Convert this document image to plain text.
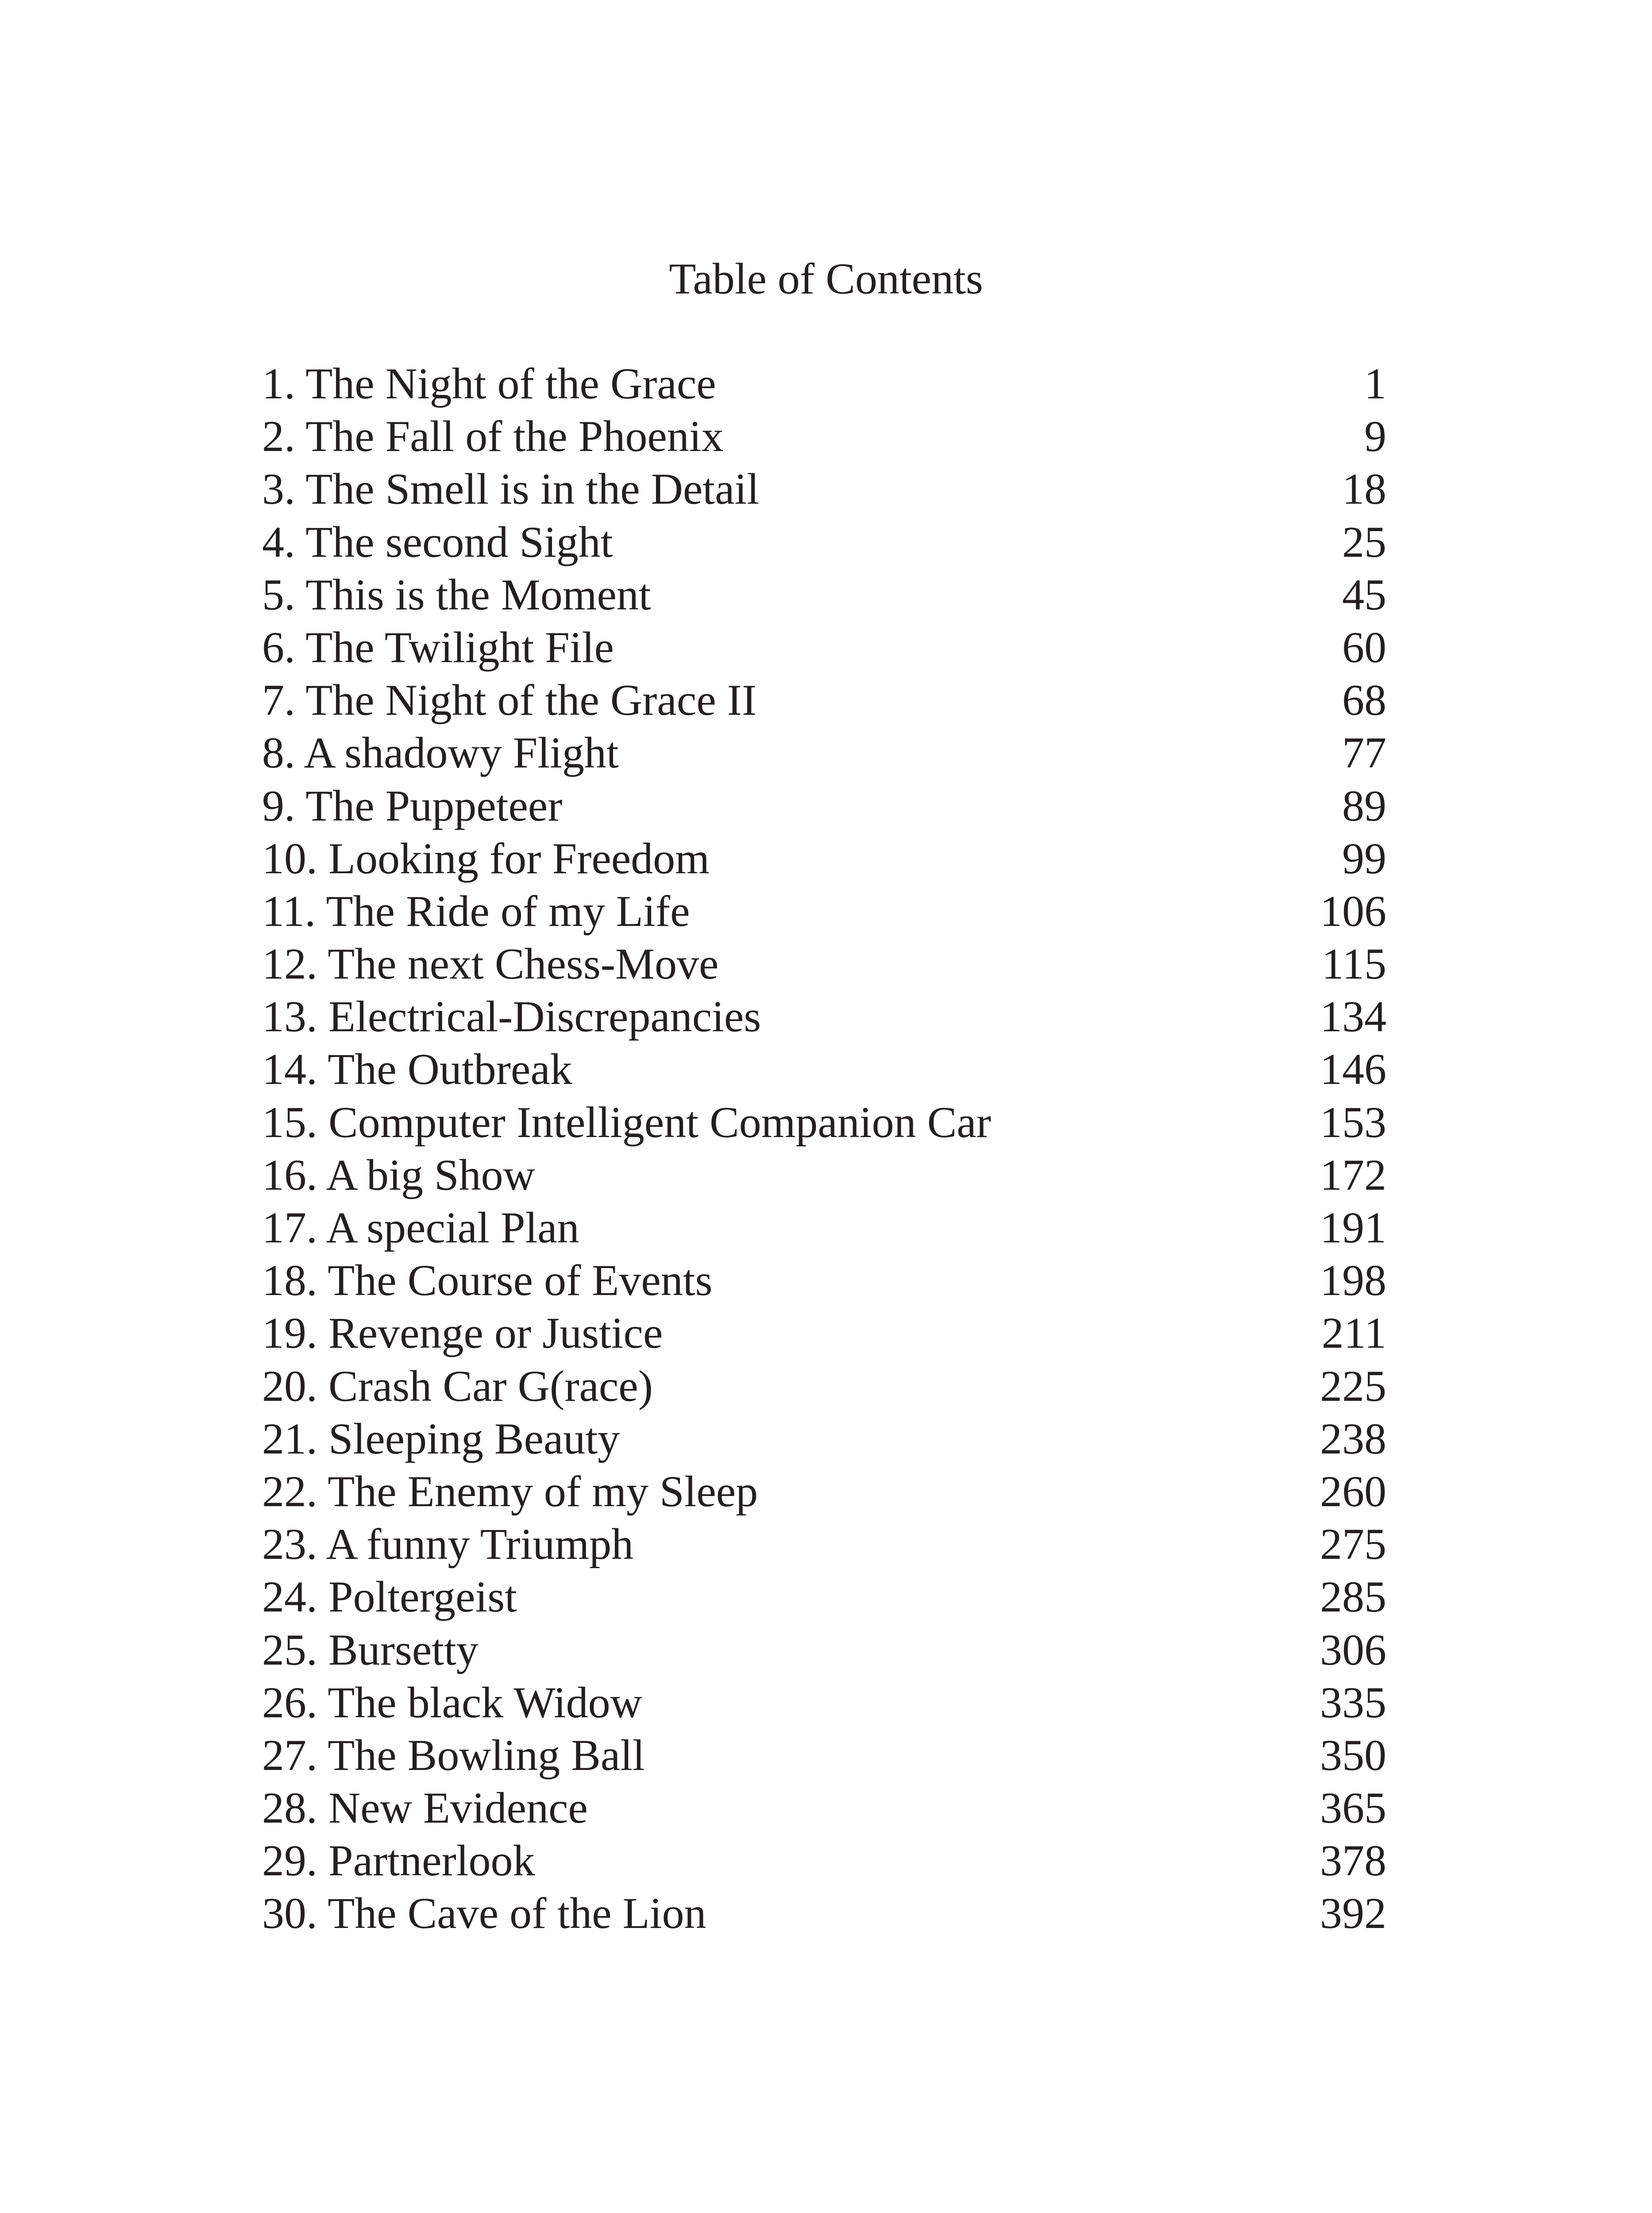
Table of Contents
1. The Night of the Grace	1
2. The Fall of the Phoenix	9
3. The Smell is in the Detail	18
4. The second Sight	25
5. This is the Moment	45
6. The Twilight File	60
7. The Night of the Grace II	68
8. A shadowy Flight	77
9. The Puppeteer	89
10. Looking for Freedom	99
11. The Ride of my Life	106
12. The next Chess-Move	115
13. Electrical-Discrepancies	134
14. The Outbreak	146
15. Computer Intelligent Companion Car	153
16. A big Show	172
17. A special Plan	191
18. The Course of Events	198
19. Revenge or Justice	211
20. Crash Car G(race)	225
21. Sleeping Beauty	238
22. The Enemy of my Sleep	260
23. A funny Triumph	275
24. Poltergeist	285
25. Bursetty	306
26. The black Widow	335
27. The Bowling Ball	350
28. New Evidence	365
29. Partnerlook	378
30. The Cave of the Lion	392
